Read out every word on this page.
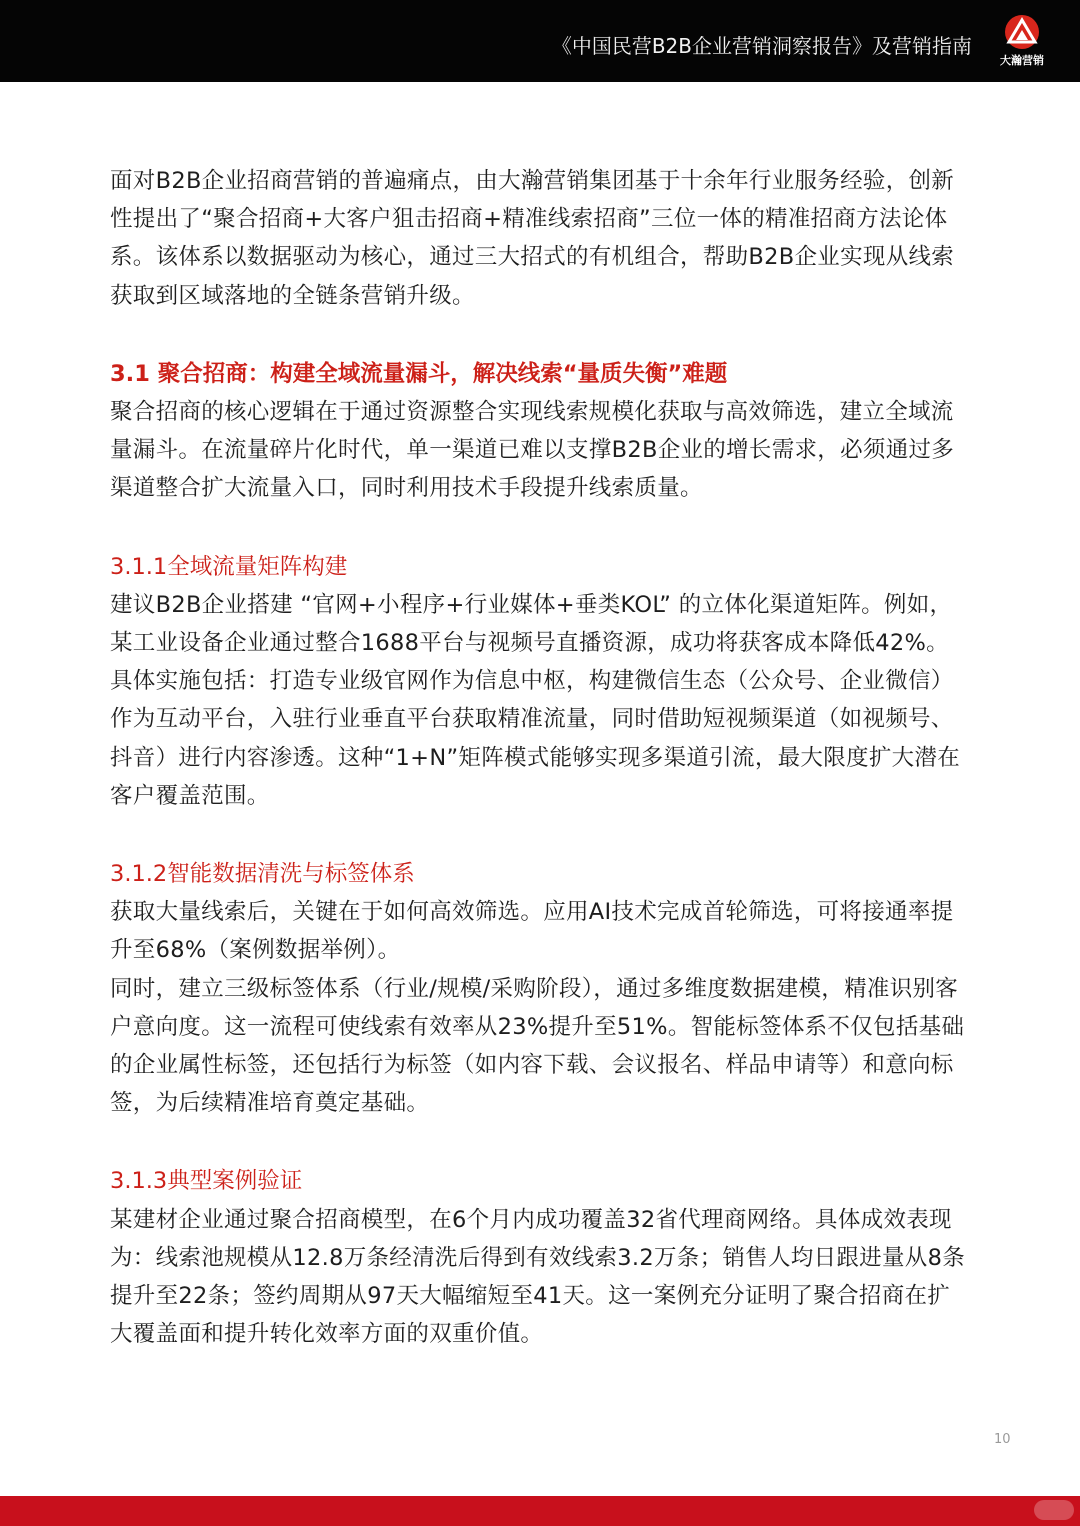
《中国民营B2B企业营销洞察报告》及营销指南
大瀚营销

面对B2B企业招商营销的普遍痛点，由大瀚营销集团基于十余年行业服务经验，创新性提出了“聚合招商+大客户狙击招商+精准线索招商”三位一体的精准招商方法论体系。该体系以数据驱动为核心，通过三大招式的有机组合，帮助B2B企业实现从线索获取到区域落地的全链条营销升级。

3.1 聚合招商：构建全域流量漏斗，解决线索“量质失衡”难题

聚合招商的核心逻辑在于通过资源整合实现线索规模化获取与高效筛选，建立全域流量漏斗。在流量碎片化时代，单一渠道已难以支撑B2B企业的增长需求，必须通过多渠道整合扩大流量入口，同时利用技术手段提升线索质量。

3.1.1全域流量矩阵构建

建议B2B企业搭建 “官网+小程序+行业媒体+垂类KOL” 的立体化渠道矩阵。例如，某工业设备企业通过整合1688平台与视频号直播资源，成功将获客成本降低42%。

具体实施包括：打造专业级官网作为信息中枢，构建微信生态（公众号、企业微信）作为互动平台，入驻行业垂直平台获取精准流量，同时借助短视频渠道（如视频号、抖音）进行内容渗透。这种“1+N”矩阵模式能够实现多渠道引流，最大限度扩大潜在客户覆盖范围。

3.1.2智能数据清洗与标签体系

获取大量线索后，关键在于如何高效筛选。应用AI技术完成首轮筛选，可将接通率提升至68%（案例数据举例）。

同时，建立三级标签体系（行业/规模/采购阶段），通过多维度数据建模，精准识别客户意向度。这一流程可使线索有效率从23%提升至51%。智能标签体系不仅包括基础的企业属性标签，还包括行为标签（如内容下载、会议报名、样品申请等）和意向标签，为后续精准培育奠定基础。

3.1.3典型案例验证

某建材企业通过聚合招商模型，在6个月内成功覆盖32省代理商网络。具体成效表现为：线索池规模从12.8万条经清洗后得到有效线索3.2万条；销售人均日跟进量从8条提升至22条；签约周期从97天大幅缩短至41天。这一案例充分证明了聚合招商在扩大覆盖面和提升转化效率方面的双重价值。

10
